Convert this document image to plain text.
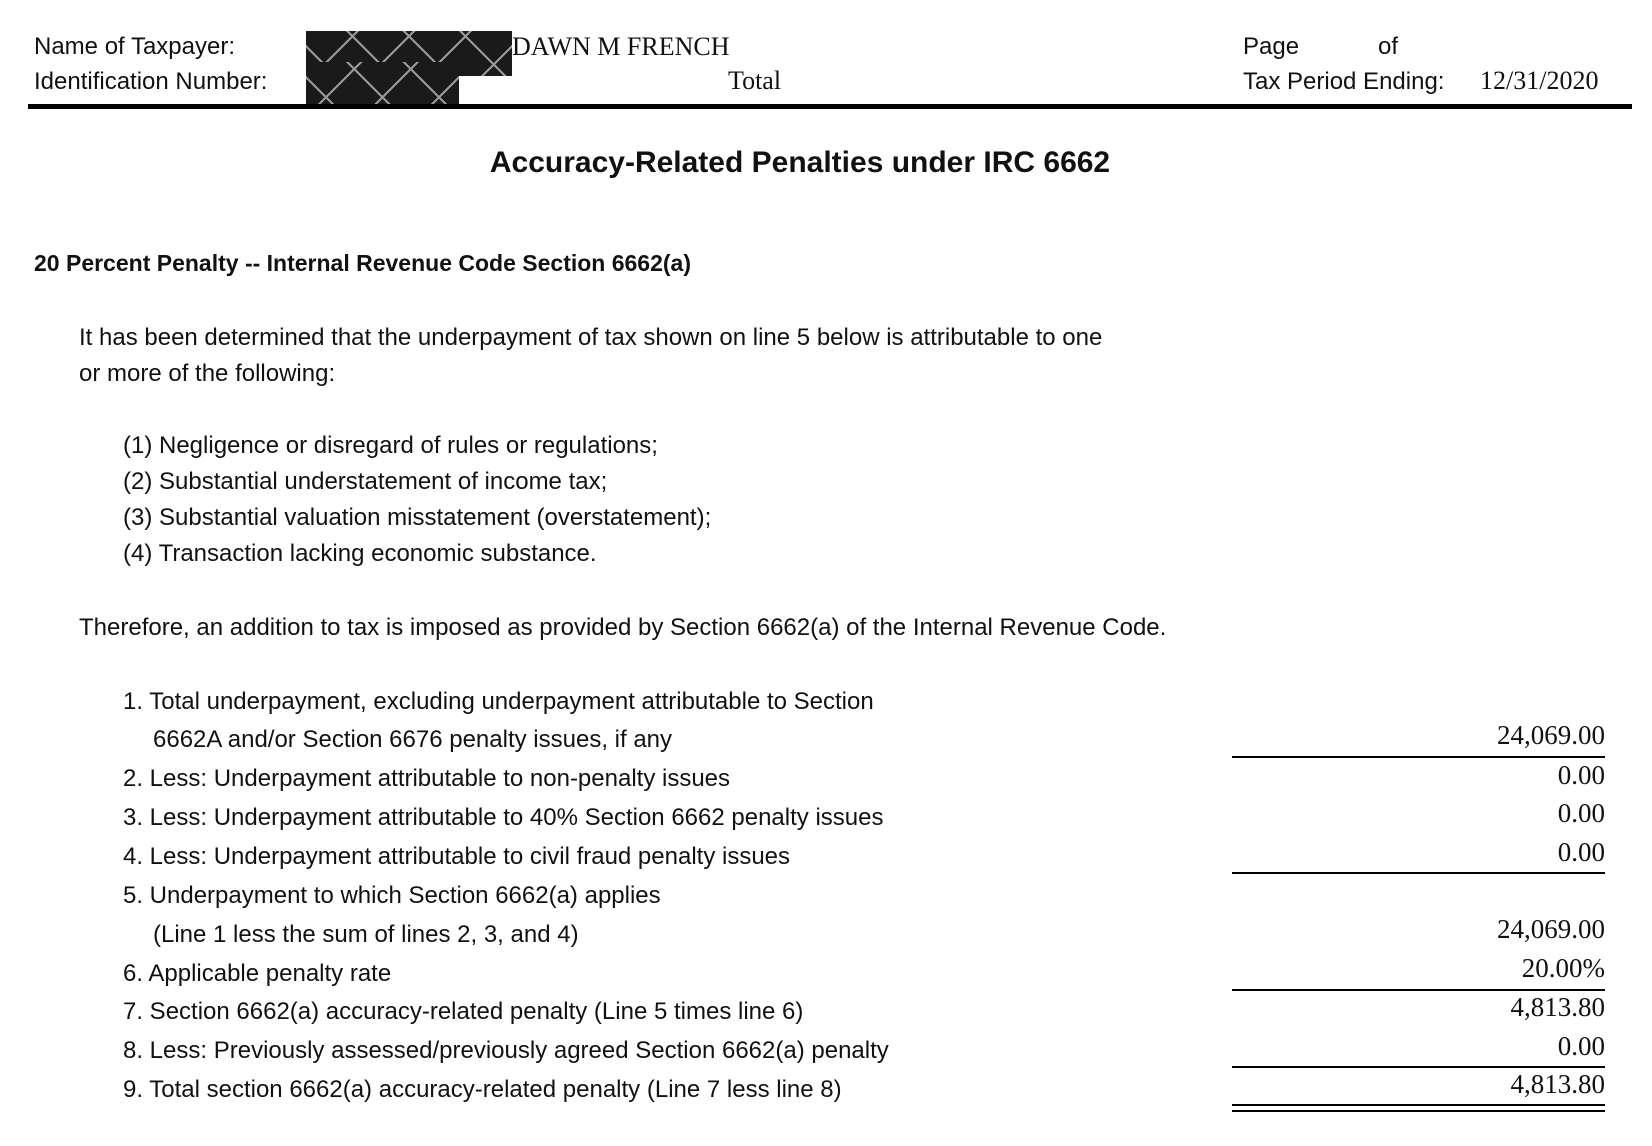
Name of Taxpayer:
Identification Number:
DAWN M FRENCH
Total
Page	of
Tax Period Ending: 12/31/2020
Accuracy-Related Penalties under IRC 6662
20 Percent Penalty -- Internal Revenue Code Section 6662(a)
It has been determined that the underpayment of tax shown on line 5 below is attributable to one
or more of the following:
(1) Negligence or disregard of rules or regulations;
(2) Substantial understatement of income tax;
(3) Substantial valuation misstatement (overstatement);
(4) Transaction lacking economic substance.
Therefore, an addition to tax is imposed as provided by Section 6662(a) of the Internal Revenue Code.
1. Total underpayment, excluding underpayment attributable to Section
6662A and/or Section 6676 penalty issues, if any	24,069.00
2. Less: Underpayment attributable to non-penalty issues	0.00
3. Less: Underpayment attributable to 40% Section 6662 penalty issues	0.00
4. Less: Underpayment attributable to civil fraud penalty issues	0.00
5. Underpayment to which Section 6662(a) applies
(Line 1 less the sum of lines 2, 3, and 4)	24,069.00
6. Applicable penalty rate	20.00%
7. Section 6662(a) accuracy-related penalty (Line 5 times line 6)	4,813.80
8. Less: Previously assessed/previously agreed Section 6662(a) penalty	0.00
9. Total section 6662(a) accuracy-related penalty (Line 7 less line 8)	4,813.80
